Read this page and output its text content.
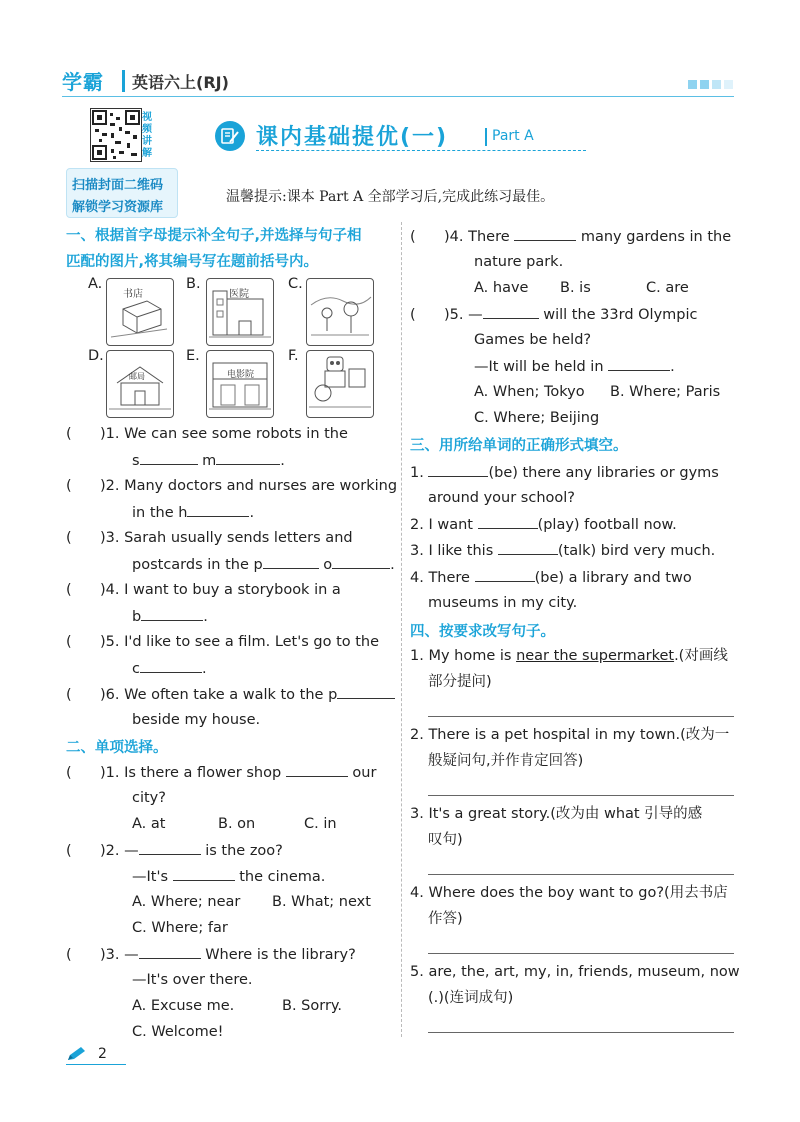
学霸 英语六上(RJ)
视频讲解
扫描封面二维码
解锁学习资源库
课内基础提优(一)	Part A
温馨提示:课本 Part A 全部学习后,完成此练习最佳。
一、根据首字母提示补全句子,并选择与句子相
匹配的图片,将其编号写在题前括号内。
A.
书店
B.
医院
C.
D.
邮局
E.
电影院
F.
( )1. We can see some robots in the
s	m	.
( )2. Many doctors and nurses are working
in the h	.
( )3. Sarah usually sends letters and
postcards in the p	o	.
( )4. I want to buy a storybook in a
b	.
( )5. I'd like to see a film. Let's go to the
c	.
( )6. We often take a walk to the p
beside my house.
二、单项选择。
( )1. Is there a flower shop	our
city?
A. at	B. on	C. in
( )2. —	is the zoo?
—It's	the cinema.
A. Where; near B. What; next
C. Where; far
( )3. —	Where is the library?
—It's over there.
A. Excuse me.	B. Sorry.
C. Welcome!
( )4. There	many gardens in the
nature park.
A. have B. is	C. are
( )5. —	will the 33rd Olympic
Games be held?
—It will be held in	.
A. When; Tokyo B. Where; Paris
C. Where; Beijing
三、用所给单词的正确形式填空。
1.	(be) there any libraries or gyms
around your school?
2. I want	(play) football now.
3. I like this	(talk) bird very much.
4. There	(be) a library and two
museums in my city.
四、按要求改写句子。
1. My home is near the supermarket.(对画线
部分提问)
2. There is a pet hospital in my town.(改为一
般疑问句,并作肯定回答)
3. It's a great story.(改为由 what 引导的感
叹句)
4. Where does the boy want to go?(用去书店
作答)
5. are, the, art, my, in, friends, museum, now
(.)(连词成句)
2
